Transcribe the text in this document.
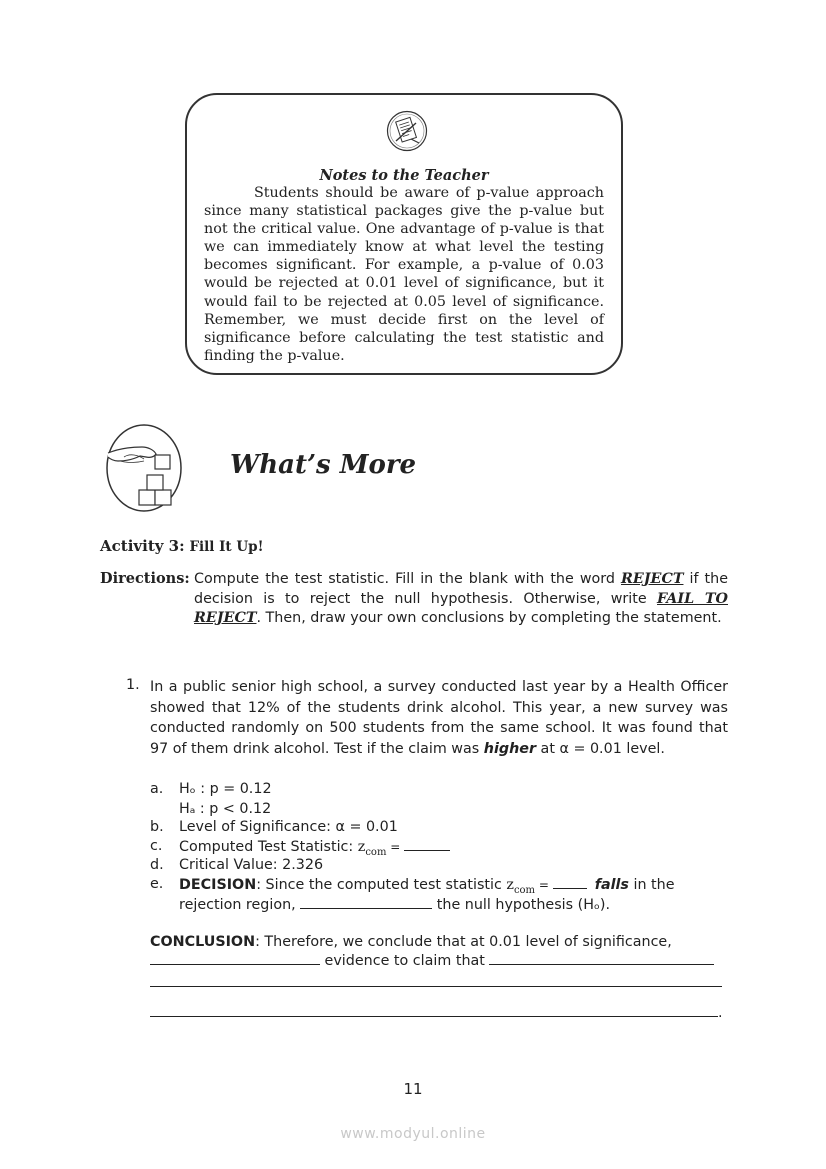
Notes to the Teacher
Students should be aware of p-value approach since many statistical packages give the p-value but not the critical value. One advantage of p-value is that we can immediately know at what level the testing becomes significant. For example, a p-value of 0.03 would be rejected at 0.01 level of significance, but it would fail to be rejected at 0.05 level of significance. Remember, we must decide first on the level of significance before calculating the test statistic and finding the p-value.
What’s More
Activity 3: Fill It Up!
Directions: Compute the test statistic. Fill in the blank with the word REJECT if the decision is to reject the null hypothesis. Otherwise, write FAIL TO REJECT. Then, draw your own conclusions by completing the statement.
1. In a public senior high school, a survey conducted last year by a Health Officer showed that 12% of the students drink alcohol. This year, a new survey was conducted randomly on 500 students from the same school. It was found that 97 of them drink alcohol. Test if the claim was higher at α = 0.01 level.
a. Hₒ : p = 0.12
Hₐ : p < 0.12
b. Level of Significance: α = 0.01
c. Computed Test Statistic: $z_{com}$ =
d. Critical Value: 2.326
e. DECISION: Since the computed test statistic $z_{com}$ =	falls in the
rejection region,	the null hypothesis (Hₒ).
CONCLUSION: Therefore, we conclude that at 0.01 level of significance,
evidence to claim that
.
11
www.modyul.online
